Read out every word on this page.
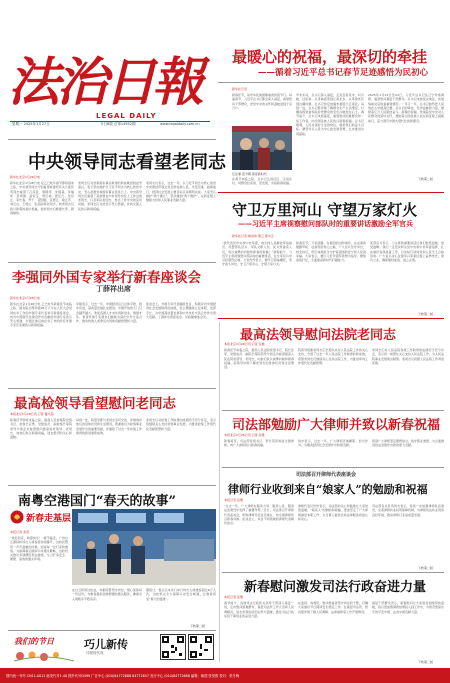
法治日報
LEGAL DAILY
星期一 2025年1月27日	今日8版 总第14952期	www.legaldaily.com.cn
最暖心的祝福，最深切的牵挂
——循着习近平总书记春节足迹感悟为民初心
新华社记者
新春佳节，是中华民族最隆重的传统节日。每逢春节，习近平总书记都会深入基层，看望慰问干部群众，把党中央的关怀和温暖送到千家万户。
忆往事·话今朝·喜迎新时代
在春节来临之际，总书记走进社区、走进乡村，同群众拉家常、话发展，共叙新春祝福。
岁末年初，总书记深入基层，走进百姓家中，问冷暖、话家常。从雪域高原到江南水乡，从革命老区到边疆村寨，总书记的足迹遍布祖国大江南北。每到一处，总书记都详细了解群众生产生活情况，叮嘱各级党委和政府把群众的安危冷暖放在心上。春节前夕，总书记来到基层，看望慰问困难群众和一线工作者，向全国各族人民致以新春祝福。总书记强调，人民对美好生活的向往，就是我们的奋斗目标。要坚持以人民为中心的发展思想，扎实推进共同富裕。
2025年1月23日至24日，习近平总书记在辽宁考察调研，看望慰问基层干部群众。总书记来到受灾地区，实地察看灾后恢复重建情况。一年又一年，总书记始终把人民放在心中最高位置。总书记的牵挂，化作温暖的力量，激励着亿万人民团结奋斗。新春的祝福，传递着党中央对人民群众的深切关怀，激励着全国各族人民在新征程上砥砺前行，奋力谱写中国式现代化的新篇章。
下转第二版
守卫万里河山 守望万家灯火
——习近平主席视察慰问部队时的重要讲话激励全军官兵
新华社记者 梅常伟 黎云 郭中正
“我代表党中央和中央军委，向全体人民解放军指战员、武警部队官兵、军队文职人员、民兵预备役人员，致以诚挚的问候和新春的祝福！”新春前夕，习近平主席视察慰问部队时的重要讲话，在全军官兵中引起强烈反响。大家纷纷表示，要牢记领袖嘱托，坚守战斗岗位，守卫万里河山，守望万家灯火。
新春佳节，万家团圆。在祖国的边防哨所、在远海的舰艇甲板、在高原的雪山之巅，广大官兵坚守岗位，枕戈待旦，用忠诚和担当守护着祖国的安宁和人民的幸福。大家表示，要以习近平强军思想为指导，聚焦备战打仗，全面提高新时代打赢能力。
某部官兵表示，习主席的重要讲话让我们倍感温暖、倍受鼓舞。我们一定坚决听从党中央和中央军委指挥，扎实做好各项战备工作，以实际行动向党和人民交上合格答卷。广大官兵决心在强军兴军新征程上奋勇争先，建功立业，确保随时能战、战之必胜。
下转第二版
中央领导同志看望老同志
新华社北京1月26日电
新华社北京1月26日电 在乙巳蛇年春节即将到来之际，中央领导同志分别看望或委托有关方面负责同志看望了江泽民、胡锦涛、朱镕基、李瑞环、吴邦国、温家宝、贾庆林、曾庆红、吴官正、李长春、罗干、贺国强、张德江、俞正声、刘云山、王岐山、张高丽等老同志，向老同志们致以新春的美好祝福，祝老同志们健康长寿、新春愉快。
老同志们对党和国家事业取得的新成就感到由衷高兴，表示坚决拥护以习近平同志为核心的党中央，衷心祝愿党和国家事业蒸蒸日上。中央领导同志还看望了其他曾在中央领导岗位上工作过的老同志，以及军队老同志，转达了党中央的亲切问候。老同志们对此表示衷心感谢，并向全国人民致以新春祝福。
老同志们表示，过去一年，以习近平同志为核心的党中央团结带领全党全国各族人民，攻坚克难、砥砺前行，经济社会发展主要目标任务顺利完成。大家衷心拥护“两个确立”，坚决做到“两个维护”，在新征程上继续为党和人民事业贡献力量。
李强同外国专家举行新春座谈会
丁薛祥出席
新华社北京1月26日电
新华社北京1月26日电 乙巳蛇年新春佳节来临之际，国务院总理李强26日下午在人民大会堂同在华工作的外国专家代表举行新春座谈会，向为中国现代化建设作出贡献的外国专家表示衷心感谢，并通过他们向在华工作的所有外国专家及家属致以新春祝福。
李强表示，过去一年，中国经济运行总体平稳、稳中有进，高质量发展扎实推进。中国开放的大门只会越开越大，欢迎各国人才来华创新创业、施展才华。希望外国专家朋友们继续为深化中外交流合作、推动构建人类命运共同体贡献智慧和力量。
座谈会上，外国专家代表踊跃发言，积极评价中国经济社会发展取得的成就，表示愿继续立足本职、发挥专长，为中国高质量发展和中外友好交流合作作出更大贡献。丁薛祥出席座谈会。吴政隆参加会见。
最高检领导看望慰问老同志
本报北京1月26日讯 记者 董凡超
新春佳节即将来临之际，最高人民检察院党组书记、检察长应勇，党组成员、副检察长等院领导分别走访看望慰问最高检老领导、老同志，向他们致以新春祝福，送去组织的关心和温暖。
每到一处，院领导都与老同志亲切交谈，详细询问他们的身体状况和生活情况，感谢他们为检察事业发展作出的重要贡献，并通报了过去一年检察工作取得的新进展新成效。
老同志们对检察工作取得的成绩给予充分肯定，表示将继续关心支持检察事业发展，为推进检察工作现代化贡献智慧和力量。
南粤空港国门“春天的故事”
新春走基层
本报记者 邓君
“欢迎回家，新春快乐！”春节临近，广州白云国际机场出入境客流持续攀升，边检民警用一声声温暖的问候，迎接每一位归家的旅客。为保障春运期间口岸通关顺畅，边检机关推出多项便民利企措施，全力打造安全、便捷、高效的通关环境。
在白云机场边检站，执勤民警坚守岗位，细心查验每一份证件，为旅客提供高效便捷的通关服务，确保出入境秩序平稳有序。
据统计，春运以来该口岸日均出入境旅客超过6万人次，边检机关全力保障口岸安全畅通，让旅客感受“春天的温暖”。
下转第二版
我们的节日	巧儿新传
评剧现代戏
最高法领导慰问法院老同志
本报北京1月26日讯 记者 张晨
新春佳节来临之际，最高人民法院党组书记、院长张军，党组成员、副院长等院领导分别走访看望最高人民法院老领导、老同志，向他们致以诚挚问候和新春祝福。院领导详细了解老同志的身体状况和生活情况。
院领导感谢老同志们长期以来对人民法院工作的关心支持，介绍了过去一年人民法院工作取得的新成效，希望老同志们继续关心支持法院工作，为推进审判工作现代化贡献智慧。
老同志们对人民法院各项工作取得的成绩给予充分肯定，表示将一如既往关心支持人民法院工作，为人民法院事业发展建言献策。老同志们祝愿人民法院工作再创佳绩。
司法部勉励广大律师并致以新春祝福
本报北京1月26日讯 记者 张维
新春将至，司法部党组书记、部长贺荣致信全国律师，向广大律师致以新春祝福。
信中表示，过去一年，广大律师忠诚履职、担当作为，为服务经济社会发展作出积极贡献。
希望广大律师坚定理想信念，恪守职业道德，为全面推进依法治国作出新的更大贡献。
司法部召开律师代表座谈会
律师行业收到来自“娘家人”的勉励和祝福
本报记者 张维
“过去一年，广大律师在服务大局、服务人民、服务法治建设中发挥了重要作用。”近日，司法部召开律师代表座谈会，听取律师代表意见建议，向全国律师致以新春问候。座谈会上，来自不同领域的律师代表畅所欲言。
律师代表们纷纷表示，司法部的关心和鼓励让大家倍感温暖。“娘家人”的勉励和祝福，更加坚定了广大律师做好本职工作、为当事人提供优质法律服务的信心和决心。
司法部有关负责同志表示，将进一步加强律师队伍建设，完善律师执业权利保障机制，为律师依法执业创造良好环境，推动律师行业高质量发展。
下转第二版
新春慰问激发司法行政奋进力量
本报记者 张维
春节前夕，各地司法行政机关领导干部深入基层一线，走访慰问困难群众、基层司法所工作人员和人民调解员，送去党和政府的关怀与温暖，激发司法行政系统干事创业的奋进力量。
在监狱、戒毒所，慰问组看望坚守岗位的干警，叮嘱大家做好节日期间安全稳定工作。在基层司法所，慰问组详细了解人民调解、法律援助等工作开展情况。
基层干部群众表示，新春慰问让大家感受到组织的温暖，将以更加饱满的热情投入到工作中，为建设更高水平的平安中国、法治中国贡献力量。
下转第二版
国内统一刊号 CN11-0012 邮发代号1-40 国外代号D499 广告中心 (010)84772688 84772657 发行中心 (010)84772688 编辑：柴国 张昊维 校对：张冬梅
